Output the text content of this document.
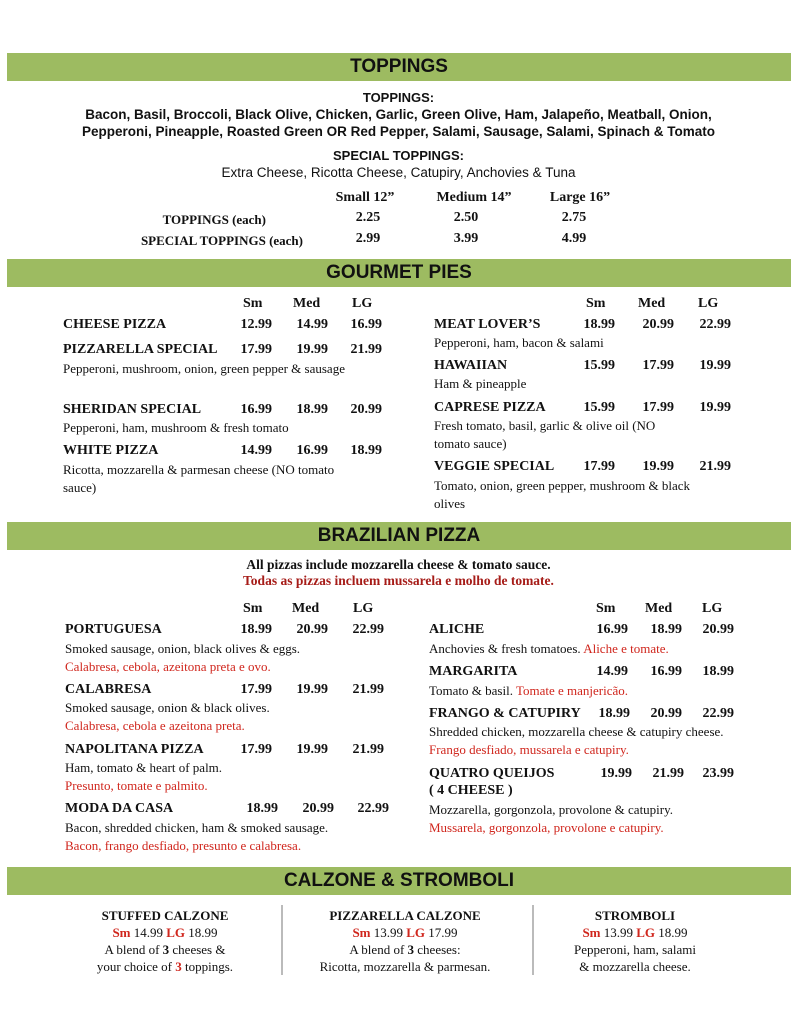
TOPPINGS
TOPPINGS:
Bacon, Basil, Broccoli, Black Olive, Chicken, Garlic, Green Olive, Ham, Jalapeño, Meatball, Onion,
Pepperoni, Pineapple, Roasted Green OR Red Pepper, Salami, Sausage, Salami, Spinach & Tomato
SPECIAL TOPPINGS:
Extra Cheese, Ricotta Cheese, Catupiry, Anchovies & Tuna
Small 12”	Medium 14”	Large 16”
TOPPINGS (each)	2.25	2.50	2.75
SPECIAL TOPPINGS (each)	2.99	3.99	4.99
GOURMET PIES
Sm Med LG	Sm Med LG
CHEESE PIZZA	12.99	14.99	16.99
PIZZARELLA SPECIAL	17.99	19.99	21.99
Pepperoni, mushroom, onion, green pepper & sausage
SHERIDAN SPECIAL	16.99	18.99	20.99
Pepperoni, ham, mushroom & fresh tomato
WHITE PIZZA	14.99	16.99	18.99
Ricotta, mozzarella & parmesan cheese (NO tomato sauce)
MEAT LOVER’S	18.99	20.99	22.99
Pepperoni, ham, bacon & salami
HAWAIIAN	15.99	17.99	19.99
Ham & pineapple
CAPRESE PIZZA	15.99	17.99	19.99
Fresh tomato, basil, garlic & olive oil (NO tomato sauce)
VEGGIE SPECIAL	17.99	19.99	21.99
Tomato, onion, green pepper, mushroom & black olives
BRAZILIAN PIZZA
All pizzas include mozzarella cheese & tomato sauce.
Todas as pizzas incluem mussarela e molho de tomate.
Sm Med LG	Sm Med LG
PORTUGUESA	18.99	20.99	22.99
Smoked sausage, onion, black olives & eggs.
Calabresa, cebola, azeitona preta e ovo.
CALABRESA	17.99	19.99	21.99
Smoked sausage, onion & black olives.
Calabresa, cebola e azeitona preta.
NAPOLITANA PIZZA	17.99	19.99	21.99
Ham, tomato & heart of palm.
Presunto, tomate e palmito.
MODA DA CASA	18.99	20.99	22.99
Bacon, shredded chicken, ham & smoked sausage.
Bacon, frango desfiado, presunto e calabresa.
ALICHE	16.99	18.99	20.99
Anchovies & fresh tomatoes. Aliche e tomate.
MARGARITA	14.99	16.99	18.99
Tomato & basil. Tomate e manjericão.
FRANGO & CATUPIRY	18.99	20.99	22.99
Shredded chicken, mozzarella cheese & catupiry cheese. Frango desfiado, mussarela e catupiry.
QUATRO QUEIJOS
( 4 CHEESE )
19.99	21.99	23.99
Mozzarella, gorgonzola, provolone & catupiry.
Mussarela, gorgonzola, provolone e catupiry.
CALZONE & STROMBOLI
STUFFED CALZONE
Sm 14.99 LG 18.99
A blend of 3 cheeses &
your choice of 3 toppings.
PIZZARELLA CALZONE
Sm 13.99 LG 17.99
A blend of 3 cheeses:
Ricotta, mozzarella & parmesan.
STROMBOLI
Sm 13.99 LG 18.99
Pepperoni, ham, salami
& mozzarella cheese.
